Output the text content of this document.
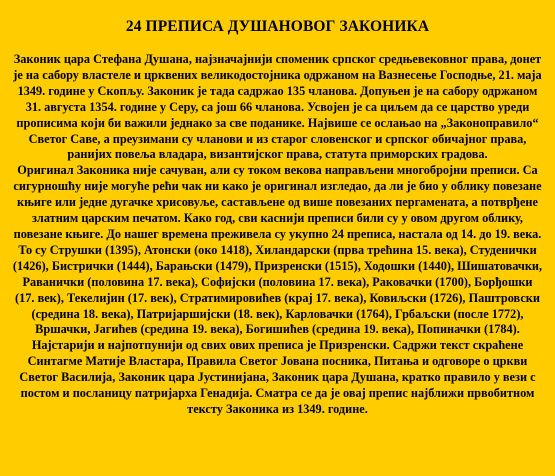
24 ПРЕПИСА ДУШАНОВОГ ЗАКОНИКА

Законик цара Стефана Душана, најзначајнији споменик српског средњевековног права, донет је на сабору властеле и црквених великодостојника одржаном на Вазнесење Господње, 21. маја 1349. године у Скопљу. Законик је тада садржао 135 чланова. Допуњен је на сабору одржаном 31. августа 1354. године у Серу, са још 66 чланова. Усвојен је са циљем да се царство уреди прописима који би важили једнако за све поданике. Највише се ослањао на „Законоправило“ Светог Саве, а преузимани су чланови и из старог словенског и српског обичајног права, ранијих повеља владара, византијског права, статута приморских градова.

Оригинал Законика није сачуван, али су током векова направљени многобројни преписи. Са сигурношћу није могуће рећи чак ни како је оригинал изгледао, да ли је био у облику повезане књиге или једне дугачке хрисовуље, састављене од више повезаних пергамената, а потврђене златним царским печатом. Како год, сви каснији преписи били су у овом другом облику, повезане књиге. До нашег времена преживела су укупно 24 преписа, настала од 14. до 19. века. То су Струшки (1395), Атонски (око 1418), Хиландарски (прва трећина 15. века), Студенички (1426), Бистрички (1444), Барањски (1479), Призренски (1515), Ходошки (1440), Шишатовачки, Раванички (половина 17. века), Софијски (половина 17. века), Раковачки (1700), Борђошки (17. век), Текелијин (17. век), Стратимировићев (крај 17. века), Ковиљски (1726), Паштровски (средина 18. века), Патријаршијски (18. век), Карловачки (1764), Грбаљски (после 1772), Вршачки, Јагићев (средина 19. века), Богишићев (средина 19. века), Попиначки (1784).

Најстарији и најпотпунији од свих ових преписа је Призренски. Садржи текст скраћене Синтагме Матије Властара, Правила Светог Јована посника, Питања и одговоре о цркви Светог Василија, Законик цара Јустинијана, Законик цара Душана, кратко правило у вези с постом и посланицу патријарха Генадија. Сматра се да је овај препис најближи првобитном тексту Законика из 1349. године.
